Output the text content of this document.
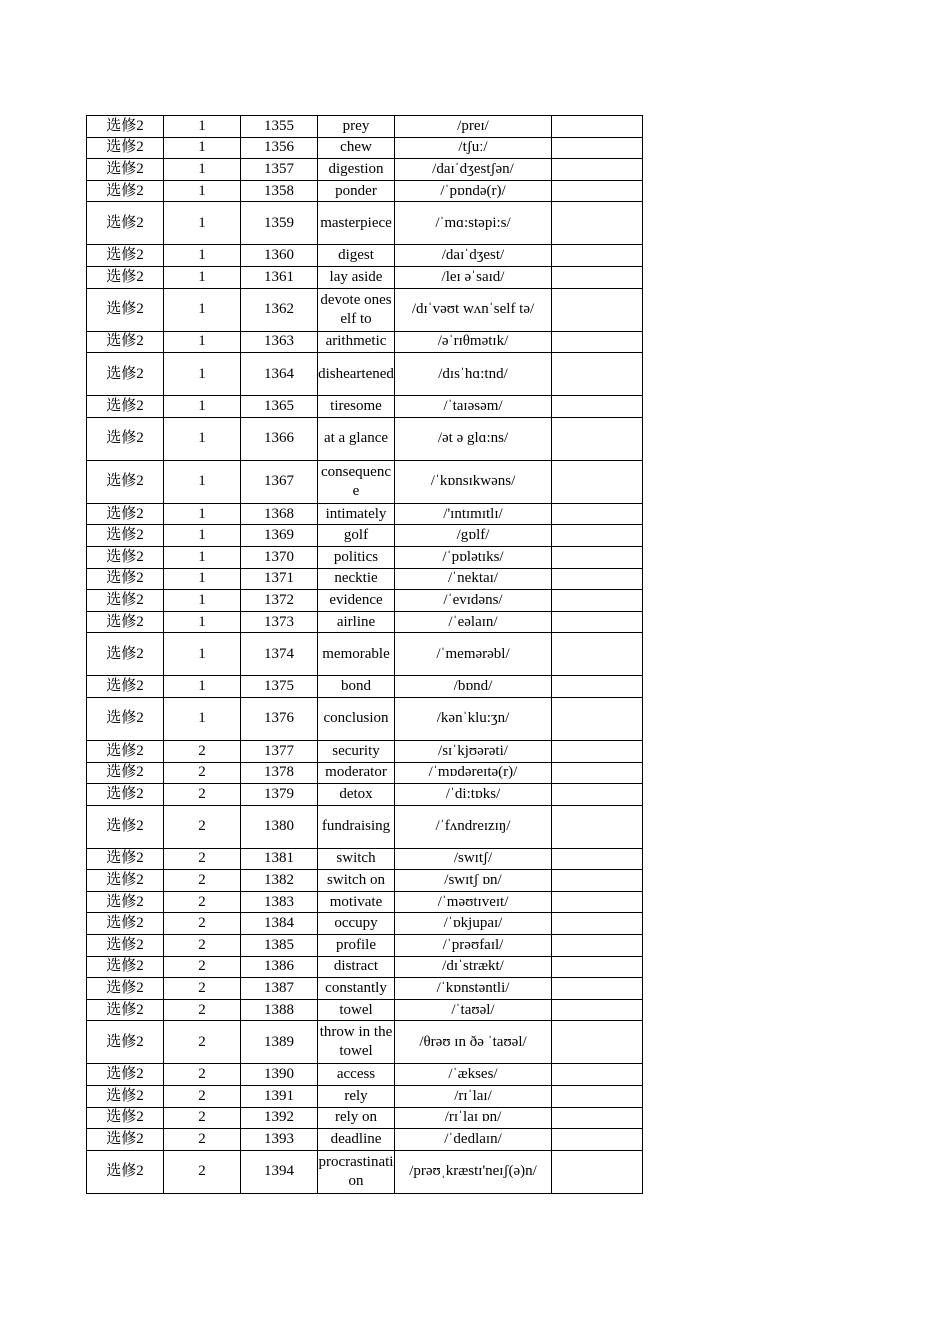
选修2	1	1355	prey	/preɪ/	
选修2	1	1356	chew	/tʃuː/	
选修2	1	1357	digestion	/daɪˈdʒestʃən/	
选修2	1	1358	ponder	/ˈpɒndə(r)/	
选修2	1	1359	masterpiece	/ˈmɑ:stəpi:s/	
选修2	1	1360	digest	/daɪˈdʒest/	
选修2	1	1361	lay aside	/leɪ əˈsaɪd/	
选修2	1	1362	devote oneself to	/dɪˈvəʊt wʌnˈself tə/	
选修2	1	1363	arithmetic	/əˈrɪθmətɪk/	
选修2	1	1364	disheartened	/dɪsˈhɑ:tnd/	
选修2	1	1365	tiresome	/ˈtaɪəsəm/	
选修2	1	1366	at a glance	/ət ə glɑ:ns/	
选修2	1	1367	consequence	/ˈkɒnsɪkwəns/	
选修2	1	1368	intimately	/'ɪntɪmɪtlɪ/	
选修2	1	1369	golf	/gɒlf/	
选修2	1	1370	politics	/ˈpɒlətɪks/	
选修2	1	1371	necktie	/ˈnektaɪ/	
选修2	1	1372	evidence	/ˈevɪdəns/	
选修2	1	1373	airline	/ˈeəlaɪn/	
选修2	1	1374	memorable	/ˈmemərəbl/	
选修2	1	1375	bond	/bɒnd/	
选修2	1	1376	conclusion	/kənˈklu:ʒn/	
选修2	2	1377	security	/sɪˈkjʊərəti/	
选修2	2	1378	moderator	/ˈmɒdəreɪtə(r)/	
选修2	2	1379	detox	/ˈdi:tɒks/	
选修2	2	1380	fundraising	/ˈfʌndreɪzɪŋ/	
选修2	2	1381	switch	/swɪtʃ/	
选修2	2	1382	switch on	/swɪtʃ ɒn/	
选修2	2	1383	motivate	/ˈməʊtɪveɪt/	
选修2	2	1384	occupy	/ˈɒkjupaɪ/	
选修2	2	1385	profile	/ˈprəʊfaɪl/	
选修2	2	1386	distract	/dɪˈstrækt/	
选修2	2	1387	constantly	/ˈkɒnstəntli/	
选修2	2	1388	towel	/ˈtaʊəl/	
选修2	2	1389	throw in the towel	/θrəʊ ɪn ðə ˈtaʊəl/	
选修2	2	1390	access	/ˈækses/	
选修2	2	1391	rely	/rɪˈlaɪ/	
选修2	2	1392	rely on	/rɪˈlaɪ ɒn/	
选修2	2	1393	deadline	/ˈdedlaɪn/	
选修2	2	1394	procrastination	/prəʊˌkræstɪ'neɪʃ(ə)n/	
